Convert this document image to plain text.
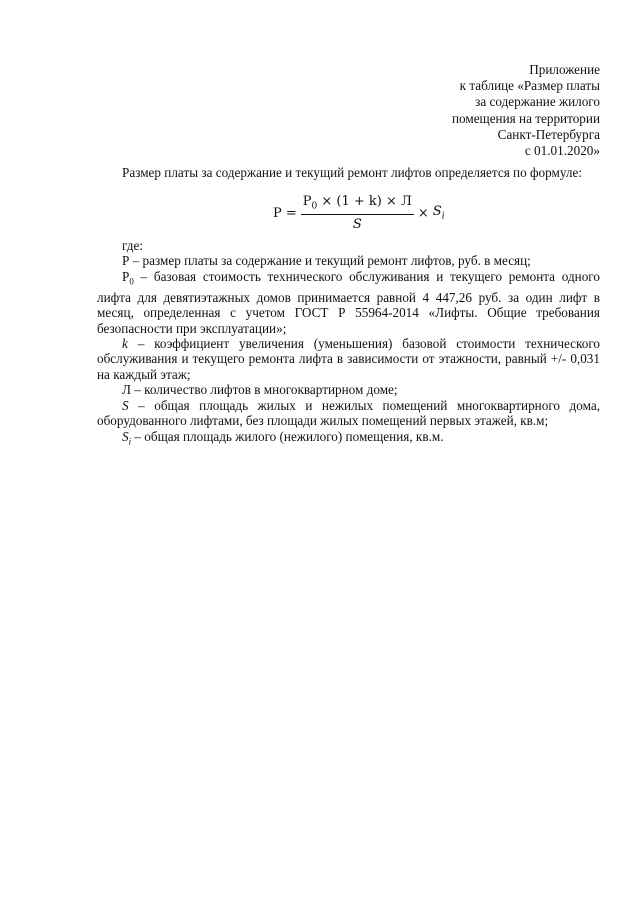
Приложение
к таблице «Размер платы
за содержание жилого
помещения на территории
Санкт-Петербурга
с 01.01.2020»
Размер платы за содержание и текущий ремонт лифтов определяется по формуле:
$P = \frac{P_0 \times (1 + k) \times Л}{S} \times S_i$

где:

Р – размер платы за содержание и текущий ремонт лифтов, руб. в месяц;

$Р_0$ – базовая стоимость технического обслуживания и текущего ремонта одного лифта для девятиэтажных домов принимается равной 4 447,26 руб. за один лифт в месяц, определенная с учетом ГОСТ Р 55964-2014 «Лифты. Общие требования безопасности при эксплуатации»;

k – коэффициент увеличения (уменьшения) базовой стоимости технического обслуживания и текущего ремонта лифта в зависимости от этажности, равный +/- 0,031 на каждый этаж;

Л – количество лифтов в многоквартирном доме;

S – общая площадь жилых и нежилых помещений многоквартирного дома, оборудованного лифтами, без площади жилых помещений первых этажей, кв.м;

$S_i$ – общая площадь жилого (нежилого) помещения, кв.м.
